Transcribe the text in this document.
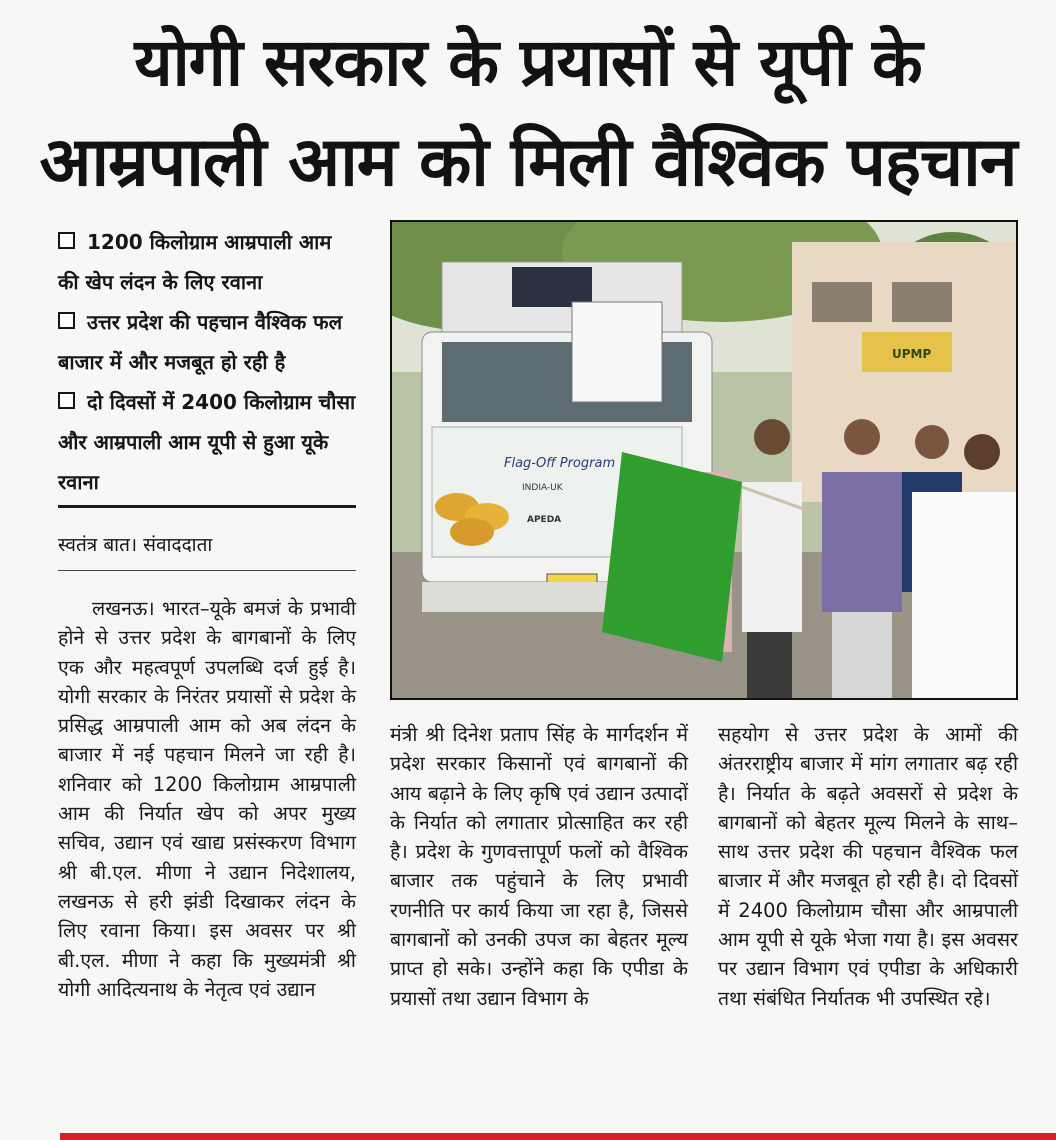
योगी सरकार के प्रयासों से यूपी के
आम्रपाली आम को मिली वैश्विक पहचान
1200 किलोग्राम आम्रपाली आम की खेप लंदन के लिए रवाना
उत्तर प्रदेश की पहचान वैश्विक फल बाजार में और मजबूत हो रही है
दो दिवसों में 2400 किलोग्राम चौसा और आम्रपाली आम यूपी से हुआ यूके रवाना
स्वतंत्र बात। संवाददाता
लखनऊ। भारत–यूके बमजं के प्रभावी होने से उत्तर प्रदेश के बागबानों के लिए एक और महत्वपूर्ण उपलब्धि दर्ज हुई है। योगी सरकार के निरंतर प्रयासों से प्रदेश के प्रसिद्ध आम्रपाली आम को अब लंदन के बाजार में नई पहचान मिलने जा रही है। शनिवार को 1200 किलोग्राम आम्रपाली आम की निर्यात खेप को अपर मुख्य सचिव, उद्यान एवं खाद्य प्रसंस्करण विभाग श्री बी.एल. मीणा ने उद्यान निदेशालय, लखनऊ से हरी झंडी दिखाकर लंदन के लिए रवाना किया। इस अवसर पर श्री बी.एल. मीणा ने कहा कि मुख्यमंत्री श्री योगी आदित्यनाथ के नेतृत्व एवं उद्यान
मंत्री श्री दिनेश प्रताप सिंह के मार्गदर्शन में प्रदेश सरकार किसानों एवं बागबानों की आय बढ़ाने के लिए कृषि एवं उद्यान उत्पादों के निर्यात को लगातार प्रोत्साहित कर रही है। प्रदेश के गुणवत्तापूर्ण फलों को वैश्विक बाजार तक पहुंचाने के लिए प्रभावी रणनीति पर कार्य किया जा रहा है, जिससे बागबानों को उनकी उपज का बेहतर मूल्य प्राप्त हो सके। उन्होंने कहा कि एपीडा के प्रयासों तथा उद्यान विभाग के
सहयोग से उत्तर प्रदेश के आमों की अंतरराष्ट्रीय बाजार में मांग लगातार बढ़ रही है। निर्यात के बढ़ते अवसरों से प्रदेश के बागबानों को बेहतर मूल्य मिलने के साथ–साथ उत्तर प्रदेश की पहचान वैश्विक फल बाजार में और मजबूत हो रही है। दो दिवसों में 2400 किलोग्राम चौसा और आम्रपाली आम यूपी से यूके भेजा गया है। इस अवसर पर उद्यान विभाग एवं एपीडा के अधिकारी तथा संबंधित निर्यातक भी उपस्थित रहे।
UPMP
Flag-Off Program
INDIA-UK
APEDA
